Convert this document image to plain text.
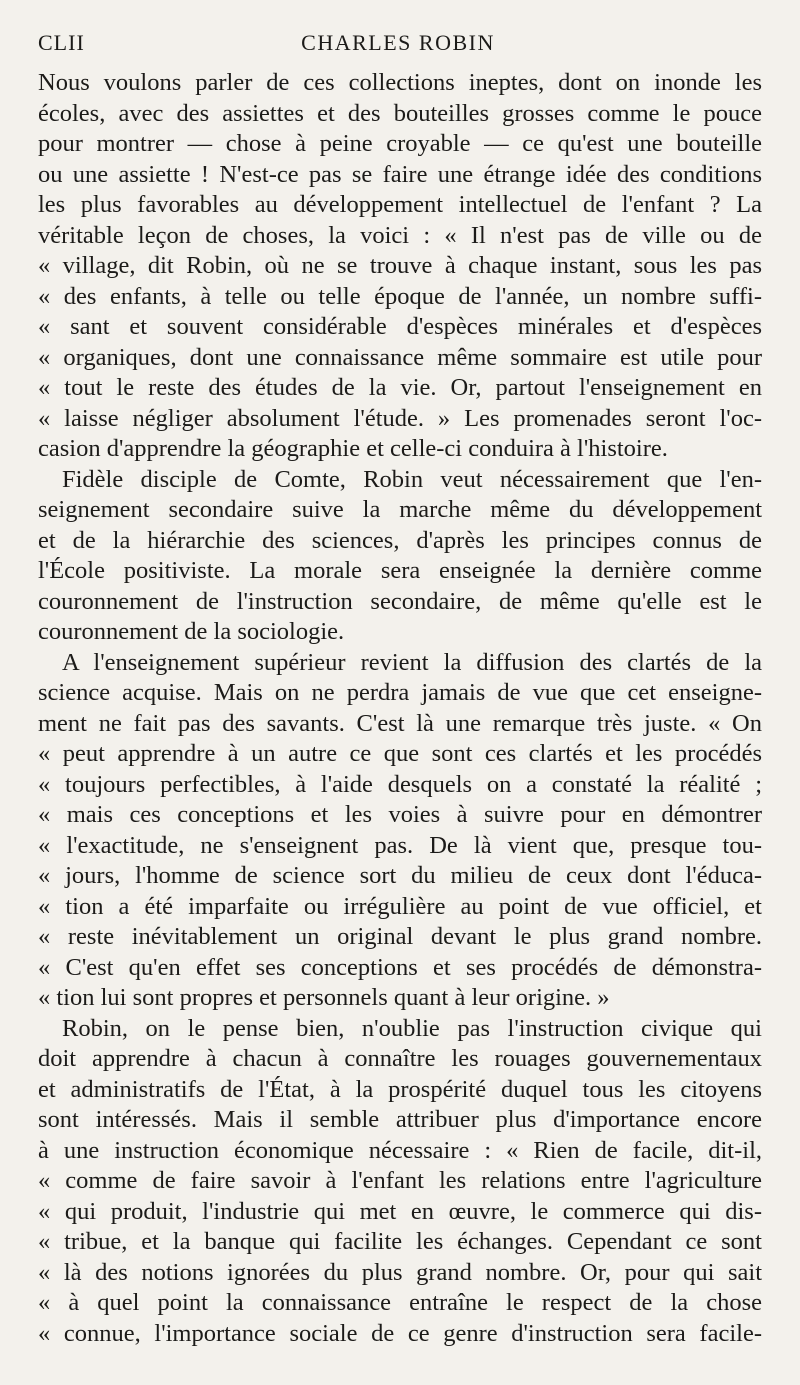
CLII	CHARLES ROBIN
Nous voulons parler de ces collections ineptes, dont on inonde les
écoles, avec des assiettes et des bouteilles grosses comme le pouce
pour montrer — chose à peine croyable — ce qu'est une bouteille
ou une assiette ! N'est-ce pas se faire une étrange idée des conditions
les plus favorables au développement intellectuel de l'enfant ? La
véritable leçon de choses, la voici : « Il n'est pas de ville ou de
« village, dit Robin, où ne se trouve à chaque instant, sous les pas
« des enfants, à telle ou telle époque de l'année, un nombre suffi-
« sant et souvent considérable d'espèces minérales et d'espèces
« organiques, dont une connaissance même sommaire est utile pour
« tout le reste des études de la vie. Or, partout l'enseignement en
« laisse négliger absolument l'étude. » Les promenades seront l'oc-
casion d'apprendre la géographie et celle-ci conduira à l'histoire.
Fidèle disciple de Comte, Robin veut nécessairement que l'en-
seignement secondaire suive la marche même du développement
et de la hiérarchie des sciences, d'après les principes connus de
l'École positiviste. La morale sera enseignée la dernière comme
couronnement de l'instruction secondaire, de même qu'elle est le
couronnement de la sociologie.
A l'enseignement supérieur revient la diffusion des clartés de la
science acquise. Mais on ne perdra jamais de vue que cet enseigne-
ment ne fait pas des savants. C'est là une remarque très juste. « On
« peut apprendre à un autre ce que sont ces clartés et les procédés
« toujours perfectibles, à l'aide desquels on a constaté la réalité ;
« mais ces conceptions et les voies à suivre pour en démontrer
« l'exactitude, ne s'enseignent pas. De là vient que, presque tou-
« jours, l'homme de science sort du milieu de ceux dont l'éduca-
« tion a été imparfaite ou irrégulière au point de vue officiel, et
« reste inévitablement un original devant le plus grand nombre.
« C'est qu'en effet ses conceptions et ses procédés de démonstra-
« tion lui sont propres et personnels quant à leur origine. »
Robin, on le pense bien, n'oublie pas l'instruction civique qui
doit apprendre à chacun à connaître les rouages gouvernementaux
et administratifs de l'État, à la prospérité duquel tous les citoyens
sont intéressés. Mais il semble attribuer plus d'importance encore
à une instruction économique nécessaire : « Rien de facile, dit-il,
« comme de faire savoir à l'enfant les relations entre l'agriculture
« qui produit, l'industrie qui met en œuvre, le commerce qui dis-
« tribue, et la banque qui facilite les échanges. Cependant ce sont
« là des notions ignorées du plus grand nombre. Or, pour qui sait
« à quel point la connaissance entraîne le respect de la chose
« connue, l'importance sociale de ce genre d'instruction sera facile-
